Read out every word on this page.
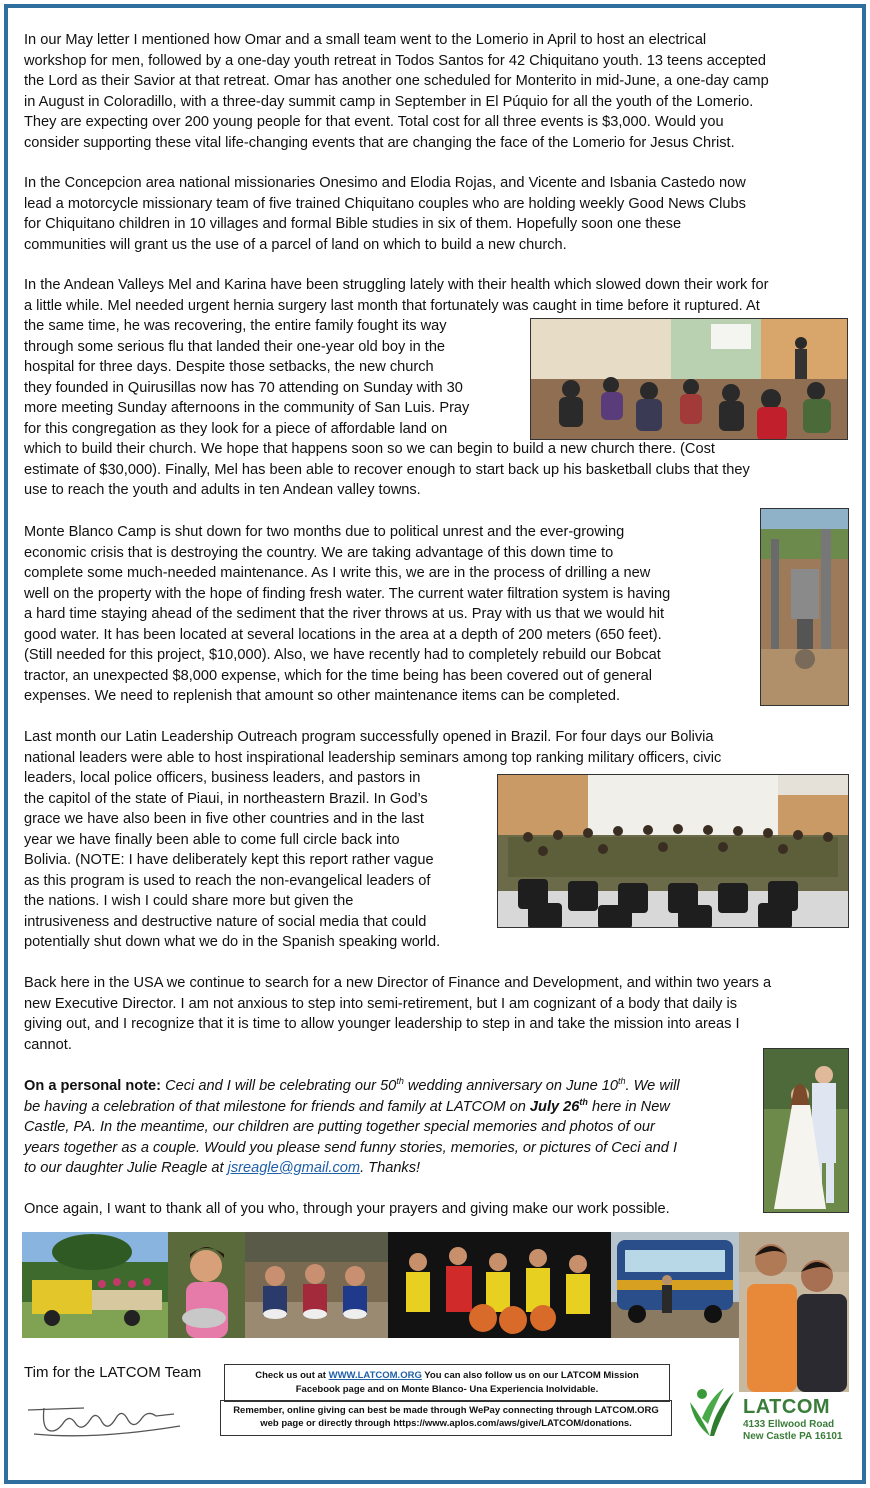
In our May letter I mentioned how Omar and a small team went to the Lomerio in April to host an electrical
workshop for men, followed by a one-day youth retreat in Todos Santos for 42 Chiquitano youth. 13 teens accepted
the Lord as their Savior at that retreat. Omar has another one scheduled for Monterito in mid-June, a one-day camp
in August in Coloradillo, with a three-day summit camp in September in El Púquio for all the youth of the Lomerio.
They are expecting over 200 young people for that event. Total cost for all three events is $3,000. Would you
consider supporting these vital life-changing events that are changing the face of the Lomerio for Jesus Christ.
In the Concepcion area national missionaries Onesimo and Elodia Rojas, and Vicente and Isbania Castedo now
lead a motorcycle missionary team of five trained Chiquitano couples who are holding weekly Good News Clubs
for Chiquitano children in 10 villages and formal Bible studies in six of them. Hopefully soon one these
communities will grant us the use of a parcel of land on which to build a new church.
In the Andean Valleys Mel and Karina have been struggling lately with their health which slowed down their work for
a little while. Mel needed urgent hernia surgery last month that fortunately was caught in time before it ruptured. At
the same time, he was recovering, the entire family fought its way
through some serious flu that landed their one-year old boy in the
hospital for three days. Despite those setbacks, the new church
they founded in Quirusillas now has 70 attending on Sunday with 30
more meeting Sunday afternoons in the community of San Luis. Pray
for this congregation as they look for a piece of affordable land on
which to build their church. We hope that happens soon so we can begin to build a new church there. (Cost
estimate of $30,000). Finally, Mel has been able to recover enough to start back up his basketball clubs that they
use to reach the youth and adults in ten Andean valley towns.
Monte Blanco Camp is shut down for two months due to political unrest and the ever-growing
economic crisis that is destroying the country. We are taking advantage of this down time to
complete some much-needed maintenance. As I write this, we are in the process of drilling a new
well on the property with the hope of finding fresh water. The current water filtration system is having
a hard time staying ahead of the sediment that the river throws at us. Pray with us that we would hit
good water. It has been located at several locations in the area at a depth of 200 meters (650 feet).
(Still needed for this project, $10,000). Also, we have recently had to completely rebuild our Bobcat
tractor, an unexpected $8,000 expense, which for the time being has been covered out of general
expenses. We need to replenish that amount so other maintenance items can be completed.
Last month our Latin Leadership Outreach program successfully opened in Brazil. For four days our Bolivia
national leaders were able to host inspirational leadership seminars among top ranking military officers, civic
leaders, local police officers, business leaders, and pastors in
the capitol of the state of Piaui, in northeastern Brazil. In God’s
grace we have also been in five other countries and in the last
year we have finally been able to come full circle back into
Bolivia. (NOTE: I have deliberately kept this report rather vague
as this program is used to reach the non-evangelical leaders of
the nations. I wish I could share more but given the
intrusiveness and destructive nature of social media that could
potentially shut down what we do in the Spanish speaking world.
Back here in the USA we continue to search for a new Director of Finance and Development, and within two years a
new Executive Director. I am not anxious to step into semi-retirement, but I am cognizant of a body that daily is
giving out, and I recognize that it is time to allow younger leadership to step in and take the mission into areas I
cannot.
On a personal note: Ceci and I will be celebrating our 50th wedding anniversary on June 10th. We will
be having a celebration of that milestone for friends and family at LATCOM on July 26th here in New
Castle, PA. In the meantime, our children are putting together special memories and photos of our
years together as a couple. Would you please send funny stories, memories, or pictures of Ceci and I
to our daughter Julie Reagle at jsreagle@gmail.com. Thanks!
Once again, I want to thank all of you who, through your prayers and giving make our work possible.
Tim for the LATCOM Team	Check us out at WWW.LATCOM.ORG You can also follow us on our LATCOM Mission
Facebook page and on Monte Blanco- Una Experiencia Inolvidable.
Remember, online giving can best be made through WePay connecting through LATCOM.ORG
web page or directly through https://www.aplos.com/aws/give/LATCOM/donations.
LATCOM
4133 Ellwood Road
New Castle PA 16101
